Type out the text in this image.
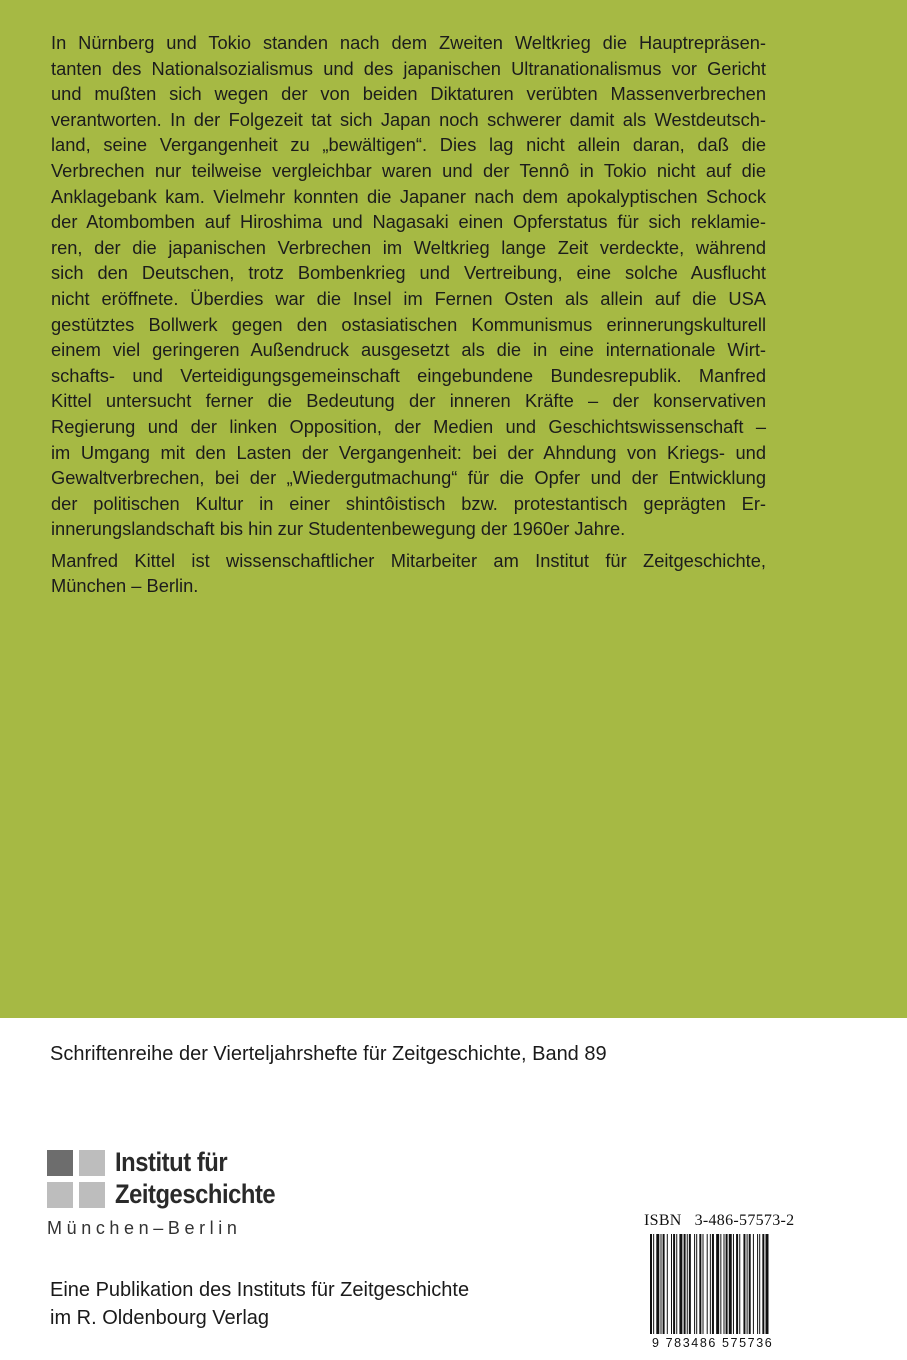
In Nürnberg und Tokio standen nach dem Zweiten Weltkrieg die Hauptrepräsen-
tanten des Nationalsozialismus und des japanischen Ultranationalismus vor Gericht
und mußten sich wegen der von beiden Diktaturen verübten Massenverbrechen
verantworten. In der Folgezeit tat sich Japan noch schwerer damit als Westdeutsch-
land, seine Vergangenheit zu „bewältigen“. Dies lag nicht allein daran, daß die
Verbrechen nur teilweise vergleichbar waren und der Tennô in Tokio nicht auf die
Anklagebank kam. Vielmehr konnten die Japaner nach dem apokalyptischen Schock
der Atombomben auf Hiroshima und Nagasaki einen Opferstatus für sich reklamie-
ren, der die japanischen Verbrechen im Weltkrieg lange Zeit verdeckte, während
sich den Deutschen, trotz Bombenkrieg und Vertreibung, eine solche Ausflucht
nicht eröffnete. Überdies war die Insel im Fernen Osten als allein auf die USA
gestütztes Bollwerk gegen den ostasiatischen Kommunismus erinnerungskulturell
einem viel geringeren Außendruck ausgesetzt als die in eine internationale Wirt-
schafts- und Verteidigungsgemeinschaft eingebundene Bundesrepublik. Manfred
Kittel untersucht ferner die Bedeutung der inneren Kräfte – der konservativen
Regierung und der linken Opposition, der Medien und Geschichtswissenschaft –
im Umgang mit den Lasten der Vergangenheit: bei der Ahndung von Kriegs- und
Gewaltverbrechen, bei der „Wiedergutmachung“ für die Opfer und der Entwicklung
der politischen Kultur in einer shintôistisch bzw. protestantisch geprägten Er-
innerungslandschaft bis hin zur Studentenbewegung der 1960er Jahre.

Manfred Kittel ist wissenschaftlicher Mitarbeiter am Institut für Zeitgeschichte,
München – Berlin.

Schriftenreihe der Vierteljahrshefte für Zeitgeschichte, Band 89
Institut für
Zeitgeschichte
München–Berlin
Eine Publikation des Instituts für Zeitgeschichte
im R. Oldenbourg Verlag
ISBN 3-486-57573-2
9 783486 575736
